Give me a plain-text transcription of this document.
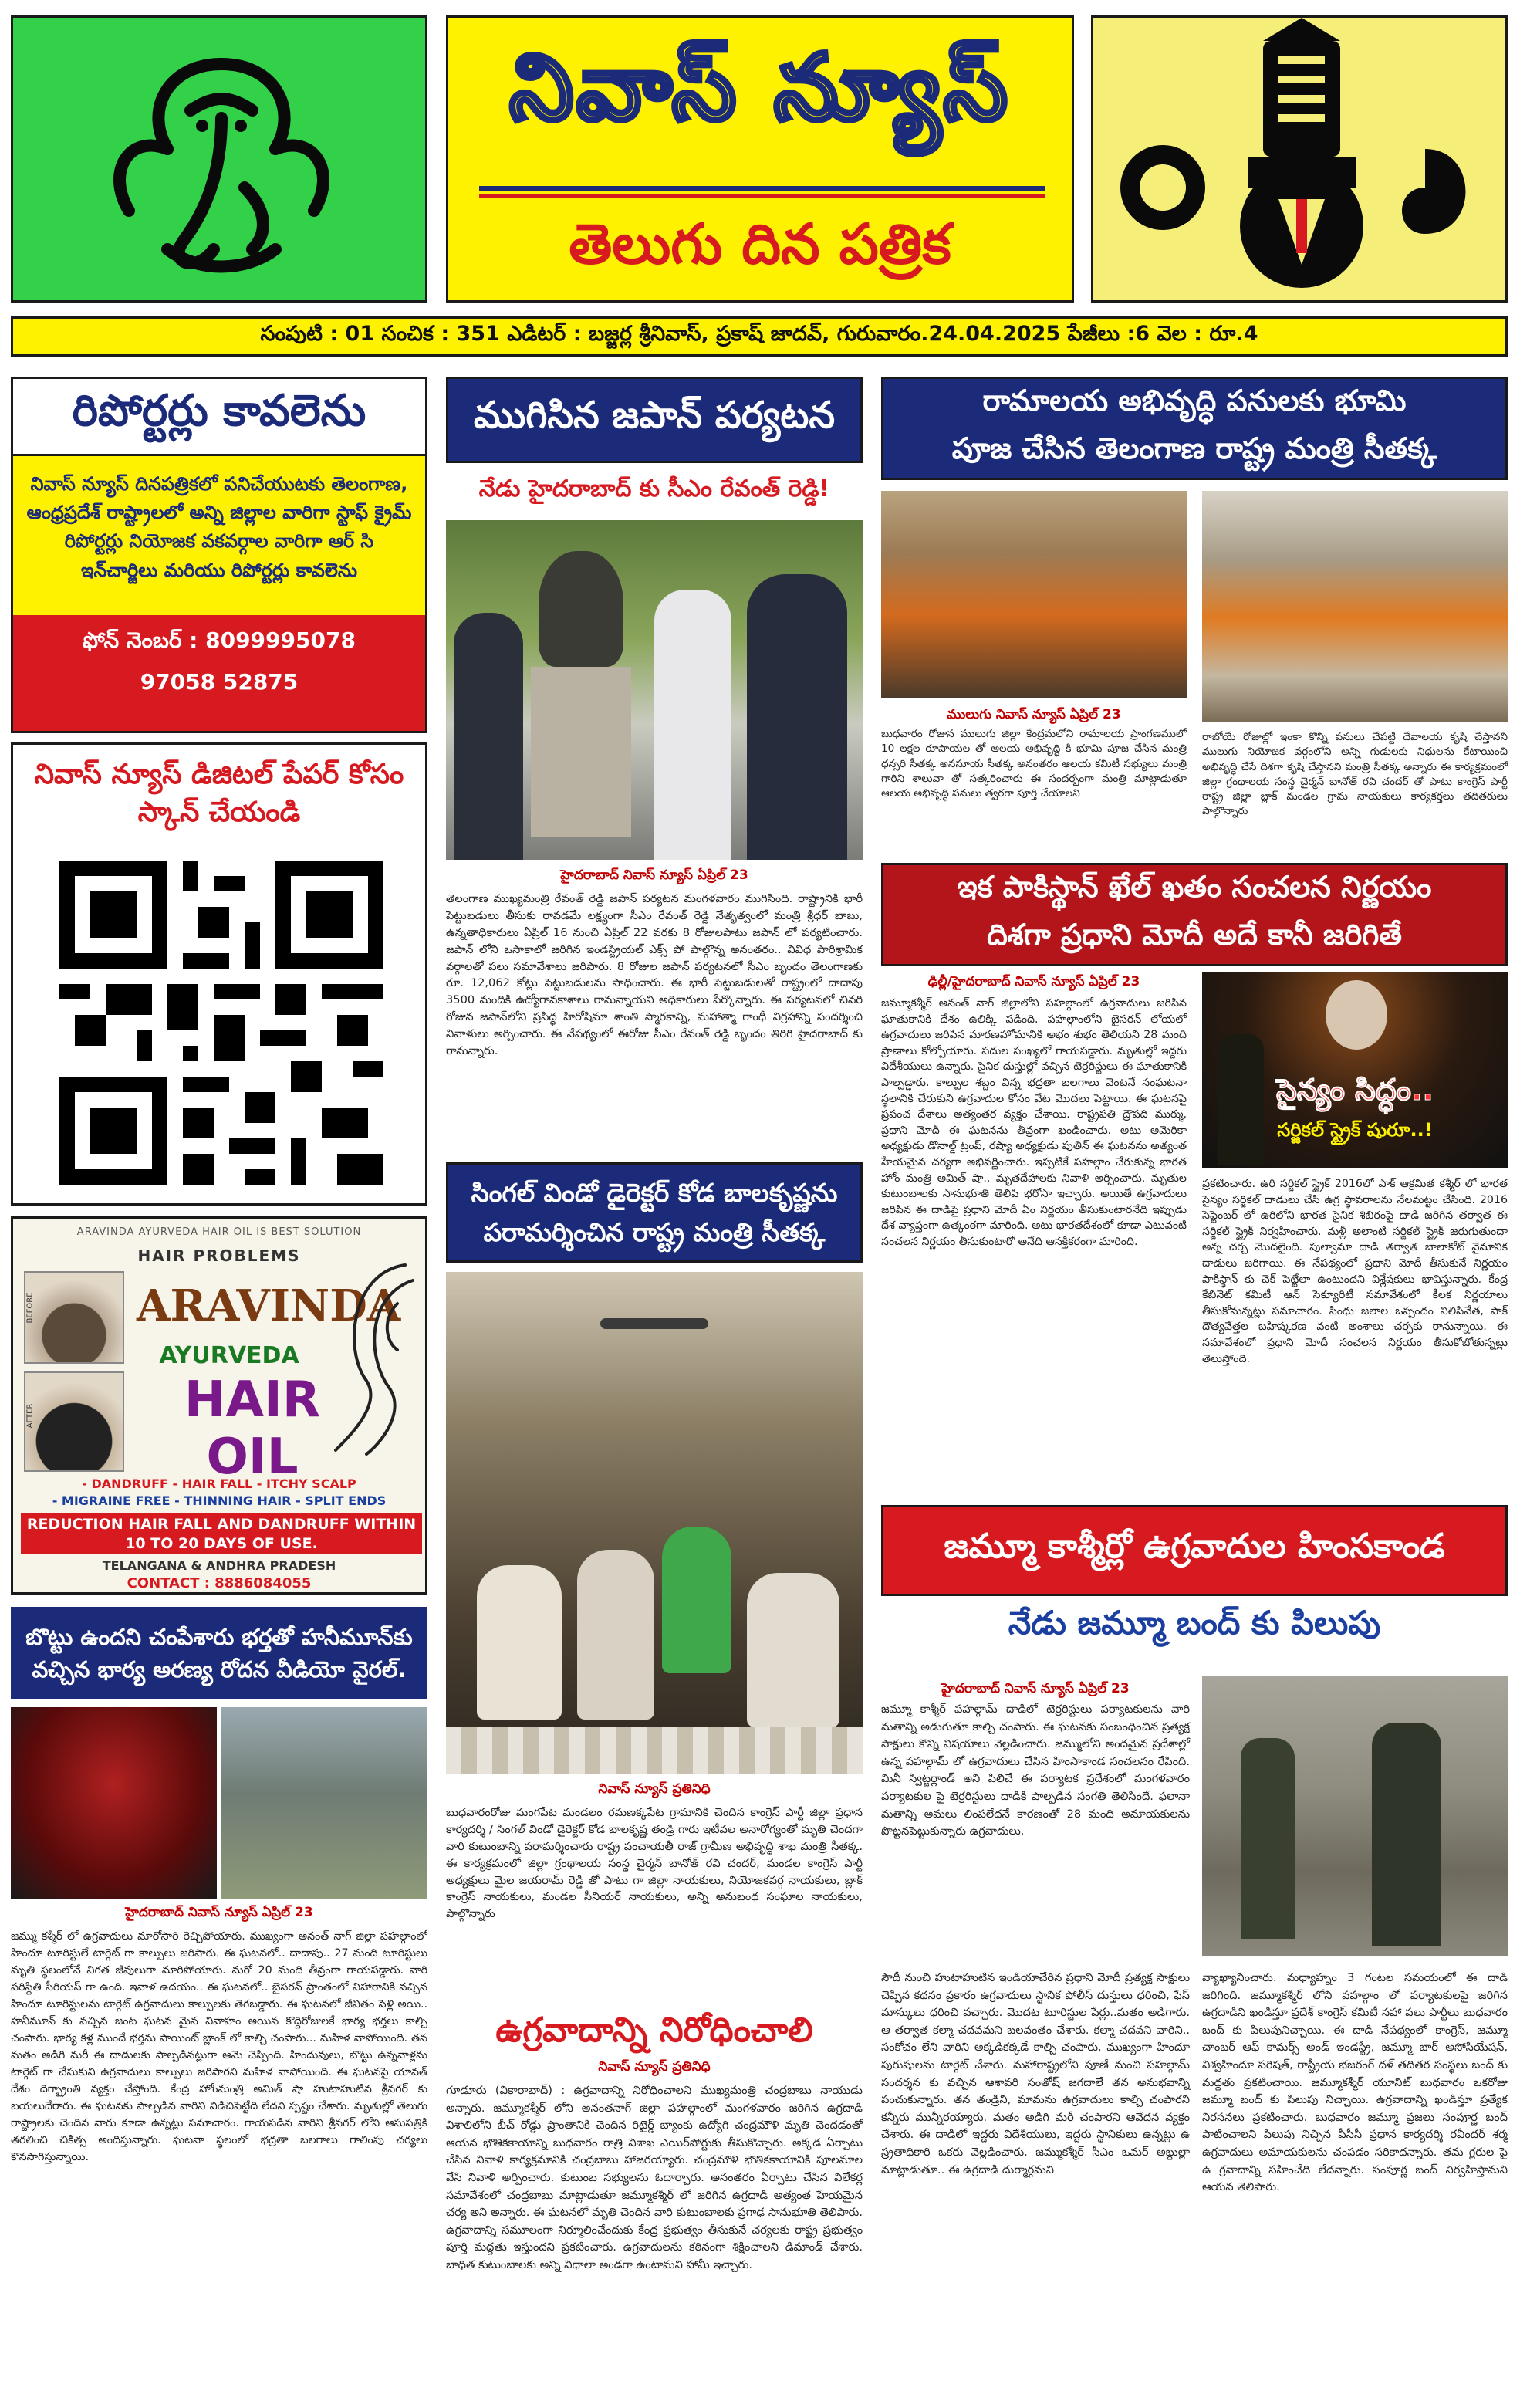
నివాస్ న్యూస్
తెలుగు దిన పత్రిక
సంపుటి : 01 సంచిక : 351 ఎడిటర్ : బజ్జర్ల శ్రీనివాస్, ప్రకాష్ జాదవ్, గురువారం.24.04.2025 పేజీలు :6 వెల : రూ.4
రిపోర్టర్లు కావలెను
నివాస్ న్యూస్ దినపత్రికలో పనిచేయుటకు తెలంగాణ, ఆంధ్రప్రదేశ్ రాష్ట్రాలలో అన్ని జిల్లాల వారిగా స్టాఫ్ క్రైమ్ రిపోర్టర్లు నియోజక వకవర్గాల వారిగా ఆర్ సి ఇన్‌చార్జిలు మరియు రిపోర్టర్లు కావలెను
ఫోన్ నెంబర్ : 8099995078
97058 52875
నివాస్ న్యూస్ డిజిటల్ పేపర్ కోసం స్కాన్ చేయండి
ARAVINDA AYURVEDA HAIR OIL IS BEST SOLUTION
HAIR PROBLEMS
BEFORE
AFTER
ARAVINDA
AYURVEDA
HAIR OIL
- DANDRUFF - HAIR FALL - ITCHY SCALP
- MIGRAINE FREE - THINNING HAIR - SPLIT ENDS
REDUCTION HAIR FALL AND DANDRUFF WITHIN 10 TO 20 DAYS OF USE.
TELANGANA & ANDHRA PRADESH
CONTACT : 8886084055
బొట్టు ఉందని చంపేశారు భర్తతో హనీమూన్‌కు వచ్చిన భార్య అరణ్య రోదన వీడియో వైరల్.
హైదరాబాద్ నివాస్ న్యూస్ ఏప్రిల్ 23
జమ్ము కశ్మీర్ లో ఉగ్రవాదులు మారోసారి రెచ్చిపోయారు. ముఖ్యంగా అనంత్ నాగ్ జిల్లా పహల్గాంలో హిందూ టూరిస్టులే టార్గెట్ గా కాల్పులు జరిపారు. ఈ ఘటనలో.. దాదాపు.. 27 మంది టూరిస్టులు మృతి స్థలంలోనే విగత జీవులుగా మారిపోయారు. మరో 20 మంది తీవ్రంగా గాయపడ్డారు. వారి పరిస్థితి సీరియస్ గా ఉంది. ఇవాళ ఉదయం.. ఈ ఘటనలో.. బైసరన్ ప్రాంతంలో విహారానికి వచ్చిన హిందూ టూరిస్టులను టార్గెట్ ఉగ్రవాదులు కాల్పులకు తెగబడ్డారు. ఈ ఘటనలో జీవితం పెళ్లి అయి.. హనీమూన్ కు వచ్చిన జంట ఘటన మైన వివాహం అయిన కొద్దిరోజులకే భార్య భర్తలు కాల్చి చంపారు. భార్య కళ్ల ముందే భర్తను పాయింట్ బ్లాంక్ లో కాల్చి చంపారు... మహిళ వాపోయింది. తన మతం అడిగి మరీ ఈ దాడులకు పాల్పడినట్లుగా ఆమె చెప్పింది. హిందువులు, బొట్టు ఉన్నవాళ్లను టార్గెట్ గా చేసుకుని ఉగ్రవాదులు కాల్పులు జరిపారని మహిళ వాపోయింది. ఈ ఘటనపై యావత్ దేశం దిగ్బ్రాంతి వ్యక్తం చేస్తోంది. కేంద్ర హోంమంత్రి అమిత్ షా హుటాహుటిన శ్రీనగర్ కు బయలుదేరారు. ఈ ఘటనకు పాల్పడిన వారిని విడిచిపెట్టేది లేదని స్పష్టం చేశారు. మృతుల్లో తెలుగు రాష్ట్రాలకు చెందిన వారు కూడా ఉన్నట్లు సమాచారం. గాయపడిన వారిని శ్రీనగర్ లోని ఆసుపత్రికి తరలించి చికిత్స అందిస్తున్నారు. ఘటనా స్థలంలో భద్రతా బలగాలు గాలింపు చర్యలు కొనసాగిస్తున్నాయి.
ముగిసిన జపాన్ పర్యటన
నేడు హైదరాబాద్ కు సీఎం రేవంత్ రెడ్డి!
హైదరాబాద్ నివాస్ న్యూస్ ఏప్రిల్ 23
తెలంగాణ ముఖ్యమంత్రి రేవంత్ రెడ్డి జపాన్ పర్యటన మంగళవారం ముగిసింది. రాష్ట్రానికి భారీ పెట్టుబడులు తీసుకు రావడమే లక్ష్యంగా సీఎం రేవంత్ రెడ్డి నేతృత్వంలో మంత్రి శ్రీధర్ బాబు, ఉన్నతాధికారులు ఏప్రిల్ 16 నుంచి ఏప్రిల్ 22 వరకు 8 రోజులపాటు జపాన్ లో పర్యటించారు. జపాన్ లోని ఒసాకాలో జరిగిన ఇండస్ట్రియల్ ఎక్స్ పో పాల్గొన్న అనంతరం.. వివిధ పారిశ్రామిక వర్గాలతో పలు సమావేశాలు జరిపారు. 8 రోజుల జపాన్ పర్యటనలో సీఎం బృందం తెలంగాణకు రూ. 12,062 కోట్లు పెట్టుబడులను సాధించారు. ఈ భారీ పెట్టుబడులతో రాష్ట్రంలో దాదాపు 3500 మందికి ఉద్యోగావకాశాలు రానున్నాయని అధికారులు పేర్కొన్నారు. ఈ పర్యటనలో చివరి రోజున జపాన్‌లోని ప్రసిద్ధ హిరోషిమా శాంతి స్మారకాన్ని, మహాత్మా గాంధీ విగ్రహాన్ని సందర్శించి నివాళులు అర్పించారు. ఈ నేపథ్యంలో ఈరోజు సీఎం రేవంత్ రెడ్డి బృందం తిరిగి హైదరాబాద్ కు రానున్నారు.
సింగల్ విండో డైరెక్టర్ కోడ బాలకృష్ణను పరామర్శించిన రాష్ట్ర మంత్రి సీతక్క
నివాస్ న్యూస్ ప్రతినిధి
బుధవారంరోజు మంగపేట మండలం రమణక్కపేట గ్రామానికి చెందిన కాంగ్రెస్ పార్టీ జిల్లా ప్రధాన కార్యదర్శి / సింగల్ విండో డైరెక్టర్ కోడ బాలకృష్ణ తండ్రి గారు ఇటీవల అనారోగ్యంతో మృతి చెందగా వారి కుటుంబాన్ని పరామర్శించారు రాష్ట్ర పంచాయతీ రాజ్ గ్రామీణ అభివృద్ధి శాఖ మంత్రి సీతక్క. ఈ కార్యక్రమంలో జిల్లా గ్రంథాలయ సంస్థ చైర్మన్ బానోత్ రవి చందర్, మండల కాంగ్రెస్ పార్టీ అధ్యక్షులు మైల జయరామ్ రెడ్డి తో పాటు గా జిల్లా నాయకులు, నియోజకవర్గ నాయకులు, బ్లాక్ కాంగ్రెస్ నాయకులు, మండల సీనియర్ నాయకులు, అన్ని అనుబంధ సంఘాల నాయకులు, పాల్గొన్నారు
ఉగ్రవాదాన్ని నిరోధించాలి
నివాస్ న్యూస్ ప్రతినిధి
గూడూరు (వికారాబాద్) : ఉగ్రవాదాన్ని నిరోధించాలని ముఖ్యమంత్రి చంద్రబాబు నాయుడు అన్నారు. జమ్మూకశ్మీర్ లోని అనంతనాగ్ జిల్లా పహల్గాంలో మంగళవారం జరిగిన ఉగ్రదాడి విశాలిలోని బీచ్ రోడ్డు ప్రాంతానికి చెందిన రిటైర్డ్ బ్యాంకు ఉద్యోగి చంద్రమౌళి మృతి చెందడంతో ఆయన భౌతికకాయాన్ని బుధవారం రాత్రి విశాఖ ఎయిర్‌పోర్టుకు తీసుకొచ్చారు. అక్కడ ఏర్పాటు చేసిన నివాళి కార్యక్రమానికి చంద్రబాబు హాజరయ్యారు. చంద్రమౌళి భౌతికకాయానికి పూలమాల వేసి నివాళి అర్పించారు. కుటుంబ సభ్యులను ఓదార్చారు. అనంతరం ఏర్పాటు చేసిన విలేకర్ల సమావేశంలో చంద్రబాబు మాట్లాడుతూ జమ్మూకశ్మీర్ లో జరిగిన ఉగ్రదాడి అత్యంత హేయమైన చర్య అని అన్నారు. ఈ ఘటనలో మృతి చెందిన వారి కుటుంబాలకు ప్రగాఢ సానుభూతి తెలిపారు. ఉగ్రవాదాన్ని సమూలంగా నిర్మూలించేందుకు కేంద్ర ప్రభుత్వం తీసుకునే చర్యలకు రాష్ట్ర ప్రభుత్వం పూర్తి మద్దతు ఇస్తుందని ప్రకటించారు. ఉగ్రవాదులను కఠినంగా శిక్షించాలని డిమాండ్ చేశారు. బాధిత కుటుంబాలకు అన్ని విధాలా అండగా ఉంటామని హామీ ఇచ్చారు.
రామాలయ అభివృద్ధి పనులకు భూమి
పూజ చేసిన తెలంగాణ రాష్ట్ర మంత్రి సీతక్క
ములుగు నివాస్ న్యూస్ ఏప్రిల్ 23
బుధవారం రోజున ములుగు జిల్లా కేంద్రమలోని రామాలయ ప్రాంగణములో 10 లక్షల రూపాయల తో ఆలయ అభివృద్ధి కి భూమి పూజ చేసిన మంత్రి ధన్సరి సీతక్క అనసూయ సీతక్క అనంతరం ఆలయ కమిటీ సభ్యులు మంత్రి గారిని శాలువా తో సత్కరించారు ఈ సందర్భంగా మంత్రి మాట్లాడుతూ ఆలయ అభివృద్ధి పనులు త్వరగా పూర్తి చేయాలని
రాబోయే రోజుల్లో ఇంకా కొన్ని పనులు చేపట్టి దేవాలయ కృషి చేస్తానని ములుగు నియోజక వర్గంలోని అన్ని గుడులకు నిధులను కేటాయించి అభివృద్ధి చేసే దిశగా కృషి చేస్తానని మంత్రి సీతక్క అన్నారు ఈ కార్యక్రమంలో జిల్లా గ్రంథాలయ సంస్థ చైర్మన్ బానోత్ రవి చందర్ తో పాటు కాంగ్రెస్ పార్టీ రాష్ట్ర జిల్లా బ్లాక్ మండల గ్రామ నాయకులు కార్యకర్తలు తదితరులు పాల్గొన్నారు
ఇక పాకిస్థాన్ ఖేల్ ఖతం సంచలన నిర్ణయం
దిశగా ప్రధాని మోదీ అదే కానీ జరిగితే
ఢిల్లీ/హైదరాబాద్ నివాస్ న్యూస్ ఏప్రిల్ 23
సైన్యం సిద్ధం..
సర్జికల్ స్ట్రైక్ షురూ..!
జమ్మూకశ్మీర్ అనంత్ నాగ్ జిల్లాలోని పహల్గాంలో ఉగ్రవాదులు జరిపిన ఘాతుకానికి దేశం ఉలిక్కి పడింది. పహల్గాంలోని బైసరన్ లోయలో ఉగ్రవాదులు జరిపిన మారణహోమానికి అభం శుభం తెలియని 28 మంది ప్రాణాలు కోల్పోయారు. పదుల సంఖ్యలో గాయపడ్డారు. మృతుల్లో ఇద్దరు విదేశీయులు ఉన్నారు. సైనిక దుస్తుల్లో వచ్చిన టెర్రరిస్టులు ఈ ఘాతుకానికి పాల్పడ్డారు. కాల్పుల శబ్దం విన్న భద్రతా బలగాలు వెంటనే సంఘటనా స్థలానికి చేరుకుని ఉగ్రవాదుల కోసం వేట మొదలు పెట్టాయి. ఈ ఘటనపై ప్రపంచ దేశాలు అత్యంతర వ్యక్తం చేశాయి. రాష్ట్రపతి ద్రౌపది ముర్ము, ప్రధాని మోదీ ఈ ఘటనను తీవ్రంగా ఖండించారు. అటు అమెరికా అధ్యక్షుడు డొనాల్డ్ ట్రంప్, రష్యా అధ్యక్షుడు పుతిన్ ఈ ఘటనను అత్యంత హేయమైన చర్యగా అభివర్ణించారు. ఇప్పటికే పహల్గాం చేరుకున్న భారత హోం మంత్రి అమిత్ షా.. మృతదేహాలకు నివాళి అర్పించారు. మృతుల కుటుంబాలకు సానుభూతి తెలిపి భరోసా ఇచ్చారు. అయితే ఉగ్రవాదులు జరిపిన ఈ దాడిపై ప్రధాని మోదీ ఏం నిర్ణయం తీసుకుంటారనేది ఇప్పుడు దేశ వ్యాప్తంగా ఉత్కంఠగా మారింది. అటు భారతదేశంలో కూడా ఎటువంటి సంచలన నిర్ణయం తీసుకుంటారో అనేది ఆసక్తికరంగా మారింది.
ప్రకటించారు. ఉరి సర్జికల్ స్ట్రైక్ 2016లో పాక్ ఆక్రమిత కశ్మీర్ లో భారత సైన్యం సర్జికల్ దాడులు చేసి ఉగ్ర స్థావరాలను నేలమట్టం చేసింది. 2016 సెప్టెంబర్ లో ఉరిలోని భారత సైనిక శిబిరంపై దాడి జరిగిన తర్వాత ఈ సర్జికల్ స్ట్రైక్ నిర్వహించారు. మళ్లీ అలాంటి సర్జికల్ స్ట్రైక్ జరుగుతుందా అన్న చర్చ మొదలైంది. పుల్వామా దాడి తర్వాత బాలాకోట్ వైమానిక దాడులు జరిగాయి. ఈ నేపథ్యంలో ప్రధాని మోదీ తీసుకునే నిర్ణయం పాకిస్థాన్ కు చెక్ పెట్టేలా ఉంటుందని విశ్లేషకులు భావిస్తున్నారు. కేంద్ర కేబినెట్ కమిటీ ఆన్ సెక్యూరిటీ సమావేశంలో కీలక నిర్ణయాలు తీసుకోనున్నట్లు సమాచారం. సింధు జలాల ఒప్పందం నిలిపివేత, పాక్ దౌత్యవేత్తల బహిష్కరణ వంటి అంశాలు చర్చకు రానున్నాయి. ఈ సమావేశంలో ప్రధాని మోదీ సంచలన నిర్ణయం తీసుకోబోతున్నట్లు తెలుస్తోంది.
జమ్మూ కాశ్మీర్లో ఉగ్రవాదుల హింసకాండ
నేడు జమ్మూ బంద్ కు పిలుపు
హైదరాబాద్ నివాస్ న్యూస్ ఏప్రిల్ 23
జమ్మూ కాశ్మీర్ పహల్గామ్ దాడిలో టెర్రరిస్టులు పర్యాటకులను వారి మతాన్ని అడుగుతూ కాల్చి చంపారు. ఈ ఘటనకు సంబంధించిన ప్రత్యక్ష సాక్షులు కొన్ని విషయాలు వెల్లడించారు. జమ్ములోని అందమైన ప్రదేశాల్లో ఉన్న పహల్గామ్ లో ఉగ్రవాదులు చేసిన హింసాకాండ సంచలనం రేపింది. మినీ స్విట్జర్లాండ్ అని పిలిచే ఈ పర్యాటక ప్రదేశంలో మంగళవారం పర్యాటకుల పై టెర్రరిస్టులు దాడికి పాల్పడిన సంగతి తెలిసిందే. ఫలానా మతాన్ని అమలు లింపలేదనే కారణంతో 28 మంది అమాయకులను పొట్టనపెట్టుకున్నారు ఉగ్రవాదులు.
సౌదీ నుంచి హుటాహుటిన ఇండియాచేరిన ప్రధాని మోదీ ప్రత్యక్ష సాక్షులు చెప్పిన కథనం ప్రకారం ఉగ్రవాదులు స్థానిక పోలీస్ దుస్తులు ధరించి, ఫేస్ మాస్కులు ధరించి వచ్చారు. మొదట టూరిస్టుల పేర్లు..మతం అడిగారు. ఆ తర్వాత కల్మా చదవమని బలవంతం చేశారు. కల్మా చదవని వారిని.. సంకోచం లేని వారిని అక్కడికక్కడే కాల్చి చంపారు. ముఖ్యంగా హిందూ పురుషులను టార్గెట్ చేశారు. మహారాష్ట్రలోని పూణే నుంచి పహల్గామ్ సందర్శన కు వచ్చిన ఆశావరి సంతోష్ జగదాలే తన అనుభవాన్ని పంచుకున్నారు. తన తండ్రిని, మామను ఉగ్రవాదులు కాల్చి చంపారని కన్నీరు మున్నీరయ్యారు. మతం అడిగి మరీ చంపారని ఆవేదన వ్యక్తం చేశారు. ఈ దాడిలో ఇద్దరు విదేశీయులు, ఇద్దరు స్థానికులు ఉన్నట్లు ఉ స్ర్రతాధికారి ఒకరు వెల్లడించారు. జమ్ముకశ్మీర్ సీఎం ఒమర్ అబ్దుల్లా మాట్లాడుతూ.. ఈ ఉగ్రదాడి దుర్మార్గమని
వ్యాఖ్యానించారు. మధ్యాహ్నం 3 గంటల సమయంలో ఈ దాడి జరిగింది. జమ్మూకశ్మీర్ లోని పహల్గాం లో పర్యాటకులపై జరిగిన ఉగ్రదాడిని ఖండిస్తూ ప్రదేశ్ కాంగ్రెస్ కమిటీ సహా పలు పార్టీలు బుధవారం బంద్ కు పిలుపునిచ్చాయి. ఈ దాడి నేపథ్యంలో కాంగ్రెస్, జమ్మూ చాంబర్ ఆఫ్ కామర్స్ అండ్ ఇండస్ట్రీ, జమ్మూ బార్ అసోసియేషన్, విశ్వహిందూ పరిషత్, రాష్ట్రీయ భజరంగ్ దళ్ తదితర సంస్థలు బంద్ కు మద్దతు ప్రకటించాయి. జమ్మూకశ్మీర్ యూనిట్ బుధవారం ఒకరోజు జమ్మూ బంద్ కు పిలుపు నిచ్చాయి. ఉగ్రవాదాన్ని ఖండిస్తూ ప్రత్యేక నిరసనలు ప్రకటించారు. బుధవారం జమ్మూ ప్రజలు సంపూర్ణ బంద్ పాటించాలని పిలుపు నిచ్చిన పీసీసీ ప్రధాన కార్యదర్శి రవీందర్ శర్మ ఉగ్రవాదులు అమాయకులను చంపడం సరికాదన్నారు. తమ గ్లరుల పై ఉ గ్రవాదాన్ని సహించేది లేదన్నారు. సంపూర్ణ బంద్ నిర్వహిస్తామని ఆయన తెలిపారు.
